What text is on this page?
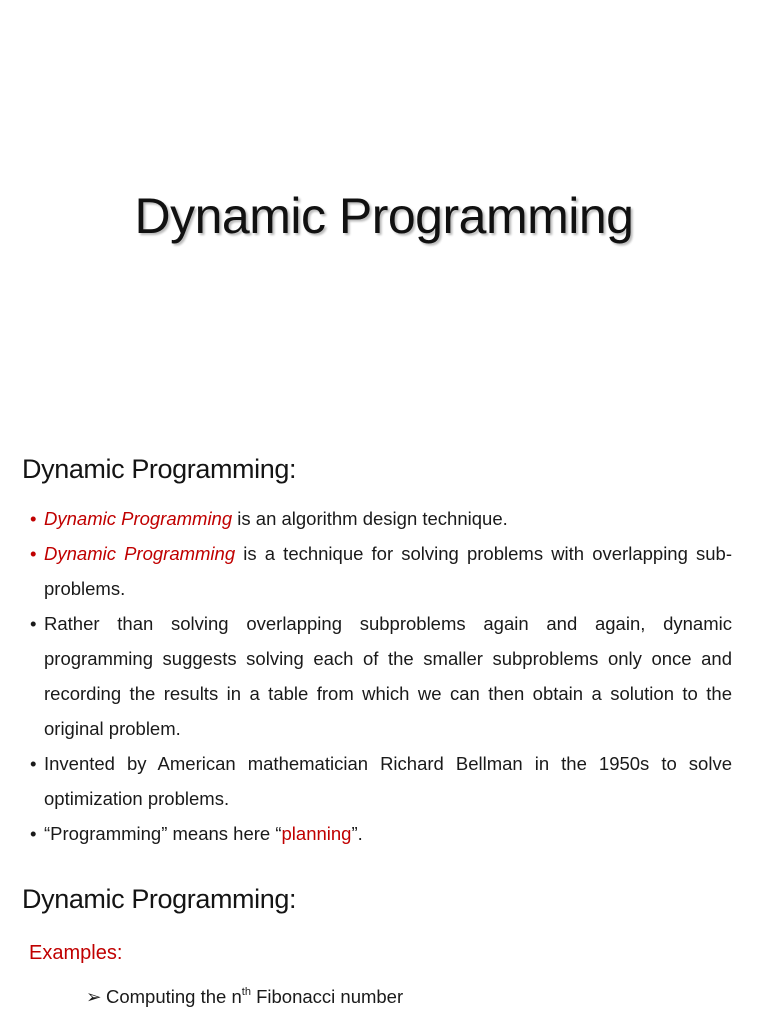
Dynamic Programming
Dynamic Programming:
• Dynamic Programming is an algorithm design technique.
• Dynamic Programming is a technique for solving problems with overlapping sub-problems.
• Rather than solving overlapping subproblems again and again, dynamic programming suggests solving each of the smaller subproblems only once and recording the results in a table from which we can then obtain a solution to the original problem.
• Invented by American mathematician Richard Bellman in the 1950s to solve optimization problems.
• “Programming” means here “planning”.
Dynamic Programming:
Examples:
➢ Computing the $n^{th}$ Fibonacci number
